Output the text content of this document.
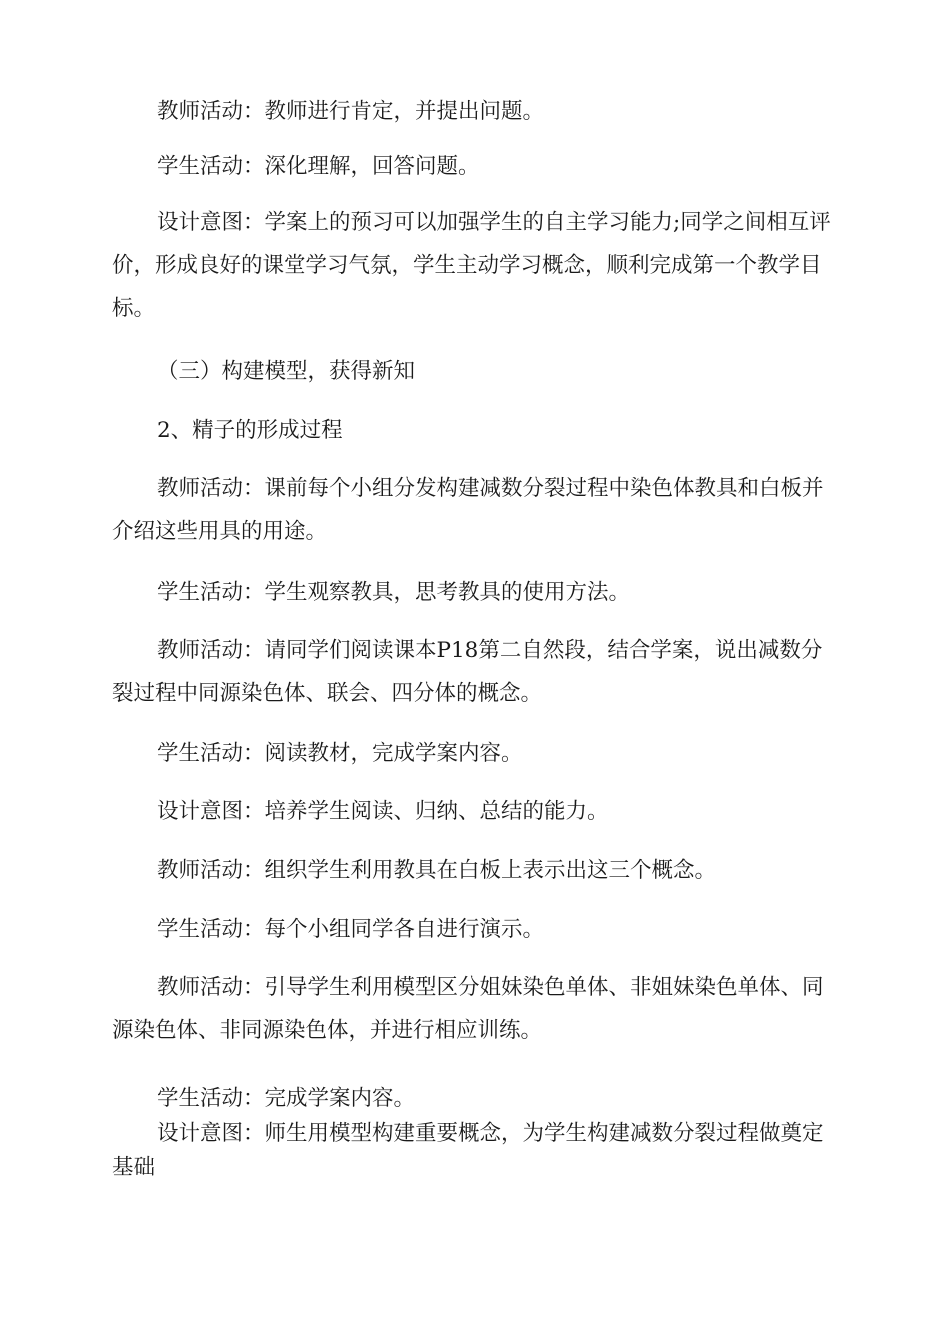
教师活动：教师进行肯定，并提出问题。

学生活动：深化理解，回答问题。

设计意图：学案上的预习可以加强学生的自主学习能力;同学之间相互评价，形成良好的课堂学习气氛，学生主动学习概念，顺利完成第一个教学目标。

（三）构建模型，获得新知

2、精子的形成过程

教师活动：课前每个小组分发构建减数分裂过程中染色体教具和白板并介绍这些用具的用途。

学生活动：学生观察教具，思考教具的使用方法。

教师活动：请同学们阅读课本P18第二自然段，结合学案，说出减数分裂过程中同源染色体、联会、四分体的概念。

学生活动：阅读教材，完成学案内容。

设计意图：培养学生阅读、归纳、总结的能力。

教师活动：组织学生利用教具在白板上表示出这三个概念。

学生活动：每个小组同学各自进行演示。

教师活动：引导学生利用模型区分姐妹染色单体、非姐妹染色单体、同源染色体、非同源染色体，并进行相应训练。

学生活动：完成学案内容。

设计意图：师生用模型构建重要概念，为学生构建减数分裂过程做奠定基础
